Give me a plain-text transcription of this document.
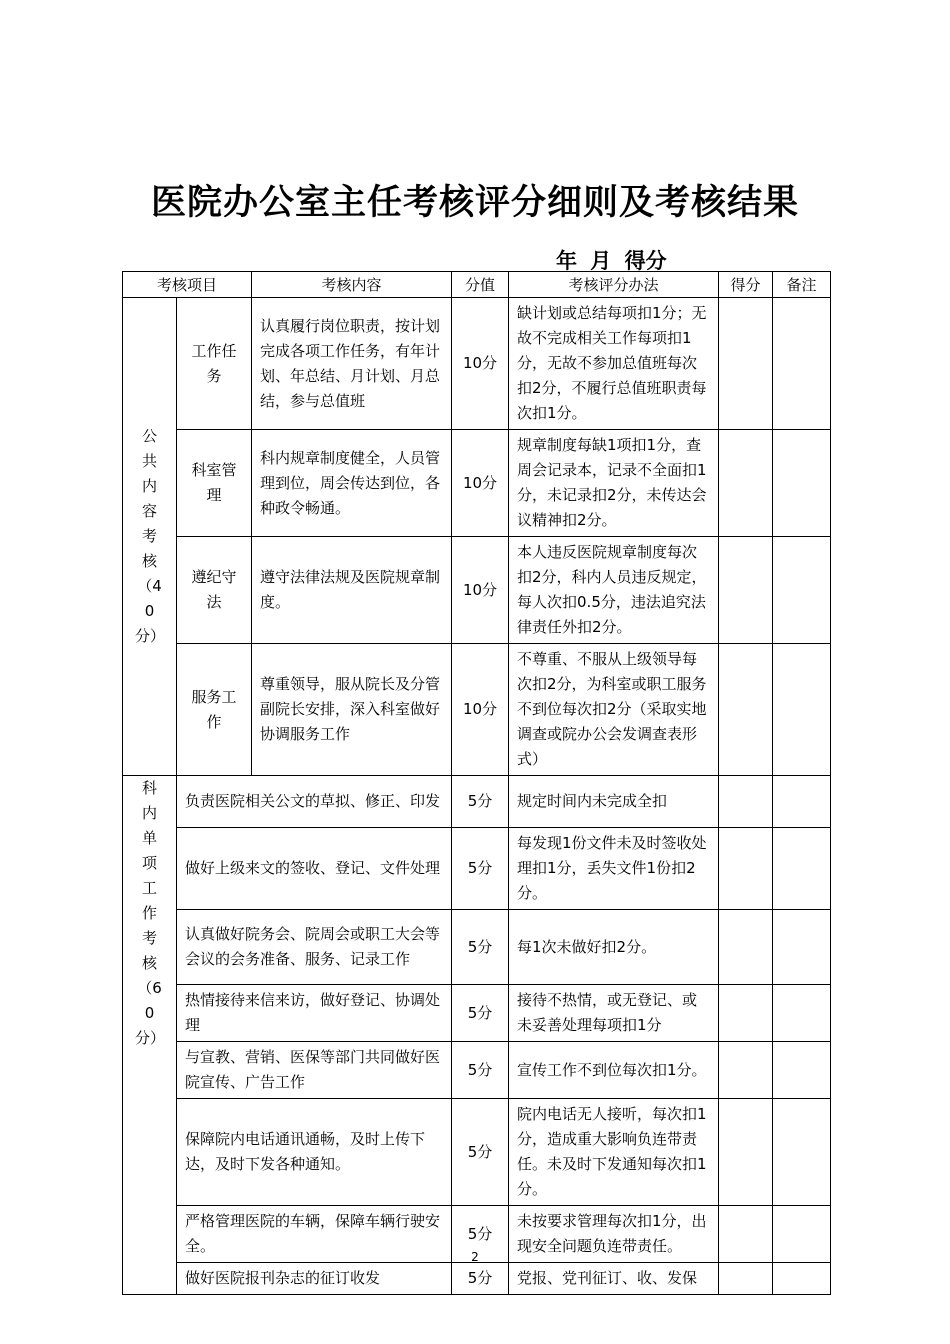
医院办公室主任考核评分细则及考核结果
年 月 得分
考核项目		考核内容	分值	考核评分办法	得分	备注
公共内容考核（40分）	工作任务	认真履行岗位职责，按计划完成各项工作任务，有年计划、年总结、月计划、月总结，参与总值班	10分	缺计划或总结每项扣1分；无故不完成相关工作每项扣1分，无故不参加总值班每次扣2分，不履行总值班职责每次扣1分。		
	科室管理	科内规章制度健全，人员管理到位，周会传达到位，各种政令畅通。	10分	规章制度每缺1项扣1分，查周会记录本，记录不全面扣1分，未记录扣2分，未传达会议精神扣2分。		
	遵纪守法	遵守法律法规及医院规章制度。	10分	本人违反医院规章制度每次扣2分，科内人员违反规定，每人次扣0.5分，违法追究法律责任外扣2分。		
	服务工作	尊重领导，服从院长及分管副院长安排，深入科室做好协调服务工作	10分	不尊重、不服从上级领导每次扣2分，为科室或职工服务不到位每次扣2分（采取实地调查或院办公会发调查表形式）		
科内单项工作考核（60分）	负责医院相关公文的草拟、修正、印发		5分	规定时间内未完成全扣		
	做好上级来文的签收、登记、文件处理		5分	每发现1份文件未及时签收处理扣1分，丢失文件1份扣2分。		
	认真做好院务会、院周会或职工大会等会议的会务准备、服务、记录工作		5分	每1次未做好扣2分。		
	热情接待来信来访，做好登记、协调处理		5分	接待不热情，或无登记、或未妥善处理每项扣1分		
	与宣教、营销、医保等部门共同做好医院宣传、广告工作		5分	宣传工作不到位每次扣1分。		
	保障院内电话通讯通畅，及时上传下达，及时下发各种通知。		5分	院内电话无人接听，每次扣1分，造成重大影响负连带责任。未及时下发通知每次扣1分。		
	严格管理医院的车辆，保障车辆行驶安全。		5分	未按要求管理每次扣1分，出现安全问题负连带责任。		
	做好医院报刊杂志的征订收发		5分	党报、党刊征订、收、发保		
2
